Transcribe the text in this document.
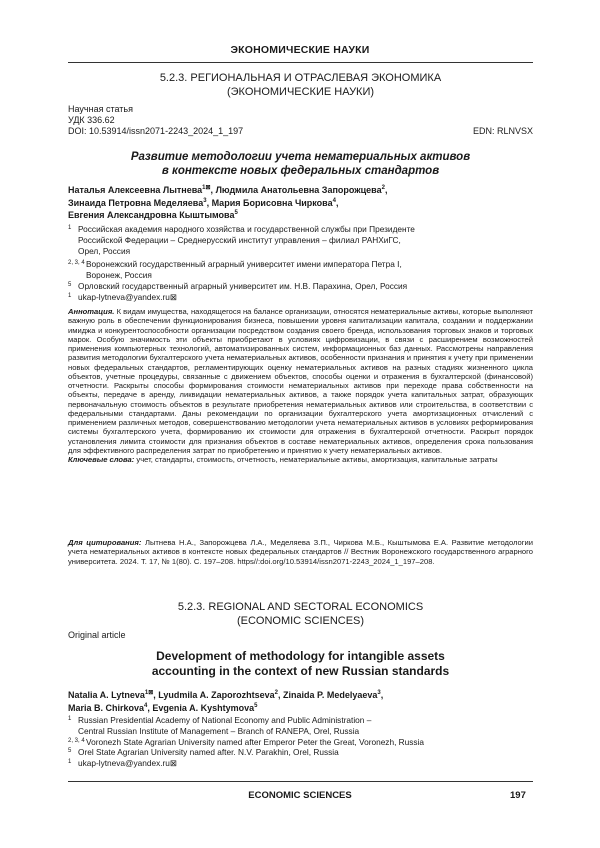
ЭКОНОМИЧЕСКИЕ НАУКИ
5.2.3. РЕГИОНАЛЬНАЯ И ОТРАСЛЕВАЯ ЭКОНОМИКА
(ЭКОНОМИЧЕСКИЕ НАУКИ)
Научная статья
УДК 336.62
DOI: 10.53914/issn2071-2243_2024_1_197	EDN: RLNVSX
Развитие методологии учета нематериальных активов
в контексте новых федеральных стандартов
Наталья Алексеевна Лытнева$^{1⊠}$, Людмила Анатольевна Запорожцева$^2$,
Зинаида Петровна Меделяева$^3$, Мария Борисовна Чиркова$^4$,
Евгения Александровна Кыштымова$^5$
1 Российская академия народного хозяйства и государственной службы при Президенте
Российской Федерации – Среднерусский институт управления – филиал РАНХиГС,
Орел, Россия
2, 3, 4 Воронежский государственный аграрный университет имени императора Петра I,
Воронеж, Россия
5 Орловский государственный аграрный университет им. Н.В. Парахина, Орел, Россия
1 ukap-lytneva@yandex.ru⊠
Аннотация. К видам имущества, находящегося на балансе организации, относятся нематериальные активы, которые выполняют важную роль в обеспечении функционирования бизнеса, повышении уровня капитализации капитала, создании и поддержании имиджа и конкурентоспособности организации посредством создания своего бренда, использования торговых знаков и торговых марок. Особую значимость эти объекты приобретают в условиях цифровизации, в связи с расширением возможностей применения компьютерных технологий, автоматизированных систем, информационных баз данных. Рассмотрены направления развития методологии бухгалтерского учета нематериальных активов, особенности признания и принятия к учету при применении новых федеральных стандартов, регламентирующих оценку нематериальных активов на разных стадиях жизненного цикла объектов, учетные процедуры, связанные с движением объектов, способы оценки и отражения в бухгалтерской (финансовой) отчетности. Раскрыты способы формирования стоимости нематериальных активов при переходе права собственности на объекты, передаче в аренду, ликвидации нематериальных активов, а также порядок учета капитальных затрат, образующих первоначальную стоимость объектов в результате приобретения нематериальных активов или строительства, в соответствии с федеральными стандартами. Даны рекомендации по организации бухгалтерского учета амортизационных отчислений с применением различных методов, совершенствованию методологии учета нематериальных активов в условиях реформирования системы бухгалтерского учета, формированию их стоимости для отражения в бухгалтерской отчетности. Раскрыт порядок установления лимита стоимости для признания объектов в составе нематериальных активов, определения срока пользования для эффективного распределения затрат по приобретению и принятию к учету нематериальных активов.
Ключевые слова: учет, стандарты, стоимость, отчетность, нематериальные активы, амортизация, капитальные затраты
Для цитирования: Лытнева Н.А., Запорожцева Л.А., Меделяева З.П., Чиркова М.Б., Кыштымова Е.А. Развитие методологии учета нематериальных активов в контексте новых федеральных стандартов // Вестник Воронежского государственного аграрного университета. 2024. Т. 17, № 1(80). С. 197–208. https//:doi.org/10.53914/issn2071-2243_2024_1_197–208.
5.2.3. REGIONAL AND SECTORAL ECONOMICS
(ECONOMIC SCIENCES)
Original article
Development of methodology for intangible assets
accounting in the context of new Russian standards
Natalia A. Lytneva$^{1⊠}$, Lyudmila A. Zaporozhtseva$^2$, Zinaida P. Medelyaeva$^3$,
Maria B. Chirkova$^4$, Evgenia A. Kyshtymova$^5$
1 Russian Presidential Academy of National Economy and Public Administration –
Central Russian Institute of Management – Branch of RANEPA, Orel, Russia
2, 3, 4 Voronezh State Agrarian University named after Emperor Peter the Great, Voronezh, Russia
5 Orel State Agrarian University named after. N.V. Parakhin, Orel, Russia
1 ukap-lytneva@yandex.ru⊠
ECONOMIC SCIENCES	197
